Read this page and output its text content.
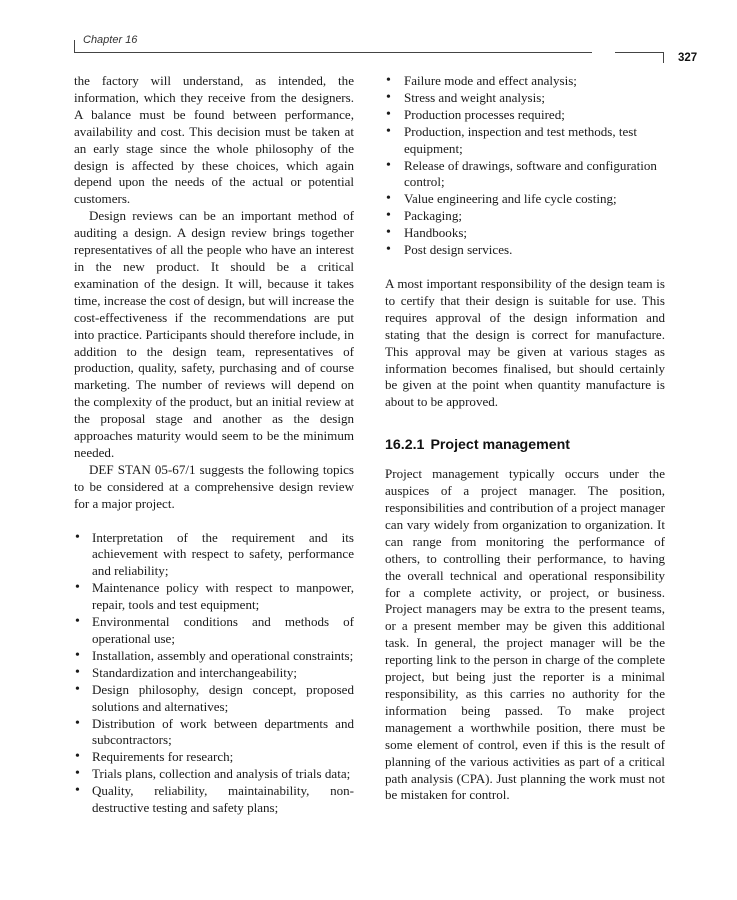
Chapter 16
327

the factory will understand, as intended, the information, which they receive from the designers. A balance must be found between performance, availability and cost. This decision must be taken at an early stage since the whole philosophy of the design is affected by these choices, which again depend upon the needs of the actual or potential customers.

Design reviews can be an important method of auditing a design. A design review brings together representatives of all the people who have an interest in the new product. It should be a critical examination of the design. It will, because it takes time, increase the cost of design, but will increase the cost-effectiveness if the recommendations are put into practice. Participants should therefore include, in addition to the design team, representatives of production, quality, safety, purchasing and of course marketing. The number of reviews will depend on the complexity of the product, but an initial review at the proposal stage and another as the design approaches maturity would seem to be the minimum needed.

DEF STAN 05-67/1 suggests the following topics to be considered at a comprehensive design review for a major project.

• Interpretation of the requirement and its achievement with respect to safety, performance and reliability;
• Maintenance policy with respect to manpower, repair, tools and test equipment;
• Environmental conditions and methods of operational use;
• Installation, assembly and operational constraints;
• Standardization and interchangeability;
• Design philosophy, design concept, proposed solutions and alternatives;
• Distribution of work between departments and subcontractors;
• Requirements for research;
• Trials plans, collection and analysis of trials data;
• Quality, reliability, maintainability, non-destructive testing and safety plans;
• Failure mode and effect analysis;
• Stress and weight analysis;
• Production processes required;
• Production, inspection and test methods, test equipment;
• Release of drawings, software and configuration control;
• Value engineering and life cycle costing;
• Packaging;
• Handbooks;
• Post design services.

A most important responsibility of the design team is to certify that their design is suitable for use. This requires approval of the design information and stating that the design is correct for manufacture. This approval may be given at various stages as information becomes finalised, but should certainly be given at the point when quantity manufacture is about to be approved.

16.2.1 Project management

Project management typically occurs under the auspices of a project manager. The position, responsibilities and contribution of a project manager can vary widely from organization to organization. It can range from monitoring the performance of others, to controlling their performance, to having the overall technical and operational responsibility for a complete activity, or project, or business. Project managers may be extra to the present teams, or a present member may be given this additional task. In general, the project manager will be the reporting link to the person in charge of the complete project, but being just the reporter is a minimal responsibility, as this carries no authority for the information being passed. To make project management a worthwhile position, there must be some element of control, even if this is the result of planning of the various activities as part of a critical path analysis (CPA). Just planning the work must not be mistaken for control.
